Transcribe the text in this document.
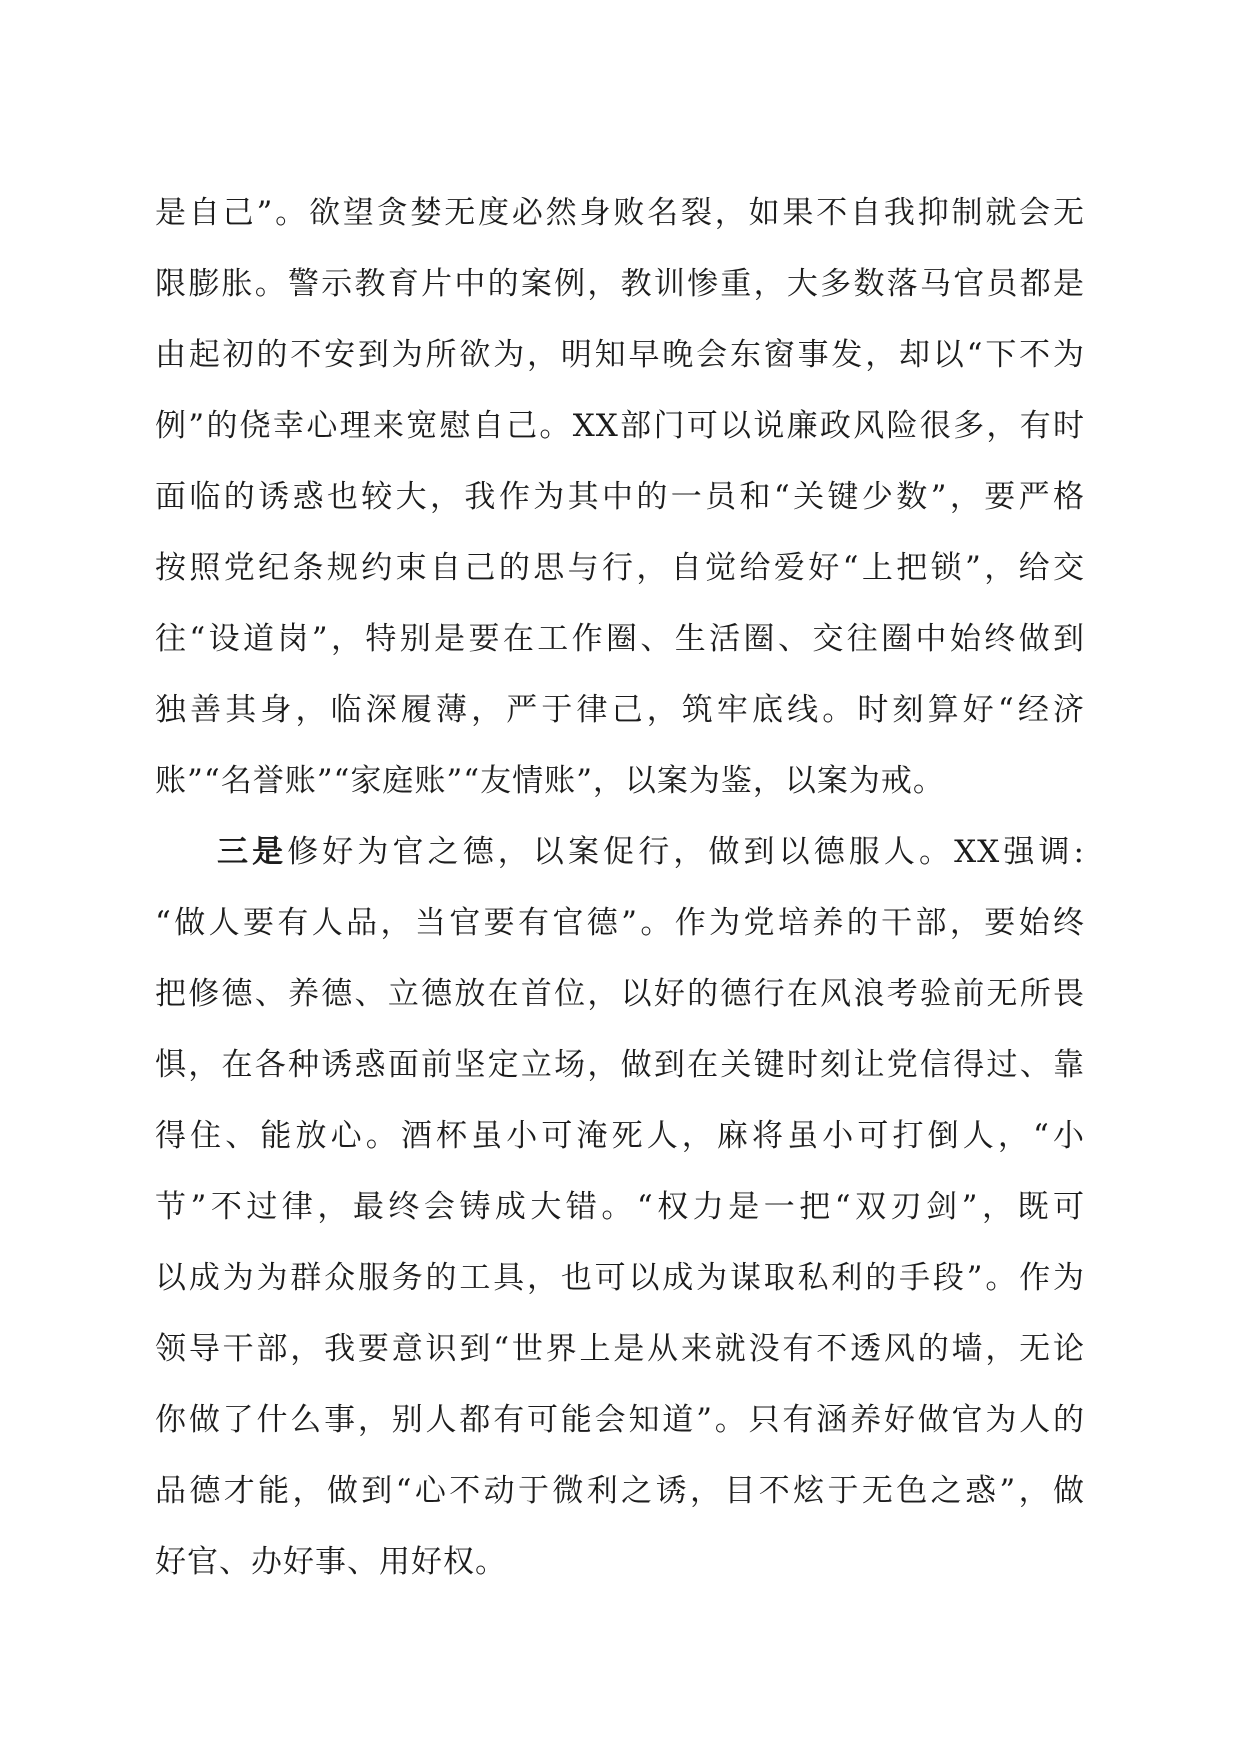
是自己”。欲望贪婪无度必然身败名裂，如果不自我抑制就会无
限膨胀。警示教育片中的案例，教训惨重，大多数落马官员都是
由起初的不安到为所欲为，明知早晚会东窗事发，却以“下不为
例”的侥幸心理来宽慰自己。XX部门可以说廉政风险很多，有时
面临的诱惑也较大，我作为其中的一员和“关键少数”，要严格
按照党纪条规约束自己的思与行，自觉给爱好“上把锁”，给交
往“设道岗”，特别是要在工作圈、生活圈、交往圈中始终做到
独善其身，临深履薄，严于律己，筑牢底线。时刻算好“经济
账”“名誉账”“家庭账”“友情账”，以案为鉴，以案为戒。
三是修好为官之德，以案促行，做到以德服人。XX强调:
“做人要有人品，当官要有官德”。作为党培养的干部，要始终
把修德、养德、立德放在首位，以好的德行在风浪考验前无所畏
惧，在各种诱惑面前坚定立场，做到在关键时刻让党信得过、靠
得住、能放心。酒杯虽小可淹死人，麻将虽小可打倒人，“小
节”不过律，最终会铸成大错。“权力是一把“双刃剑”，既可
以成为为群众服务的工具，也可以成为谋取私利的手段”。作为
领导干部，我要意识到“世界上是从来就没有不透风的墙，无论
你做了什么事，别人都有可能会知道”。只有涵养好做官为人的
品德才能，做到“心不动于微利之诱，目不炫于无色之惑”，做
好官、办好事、用好权。
